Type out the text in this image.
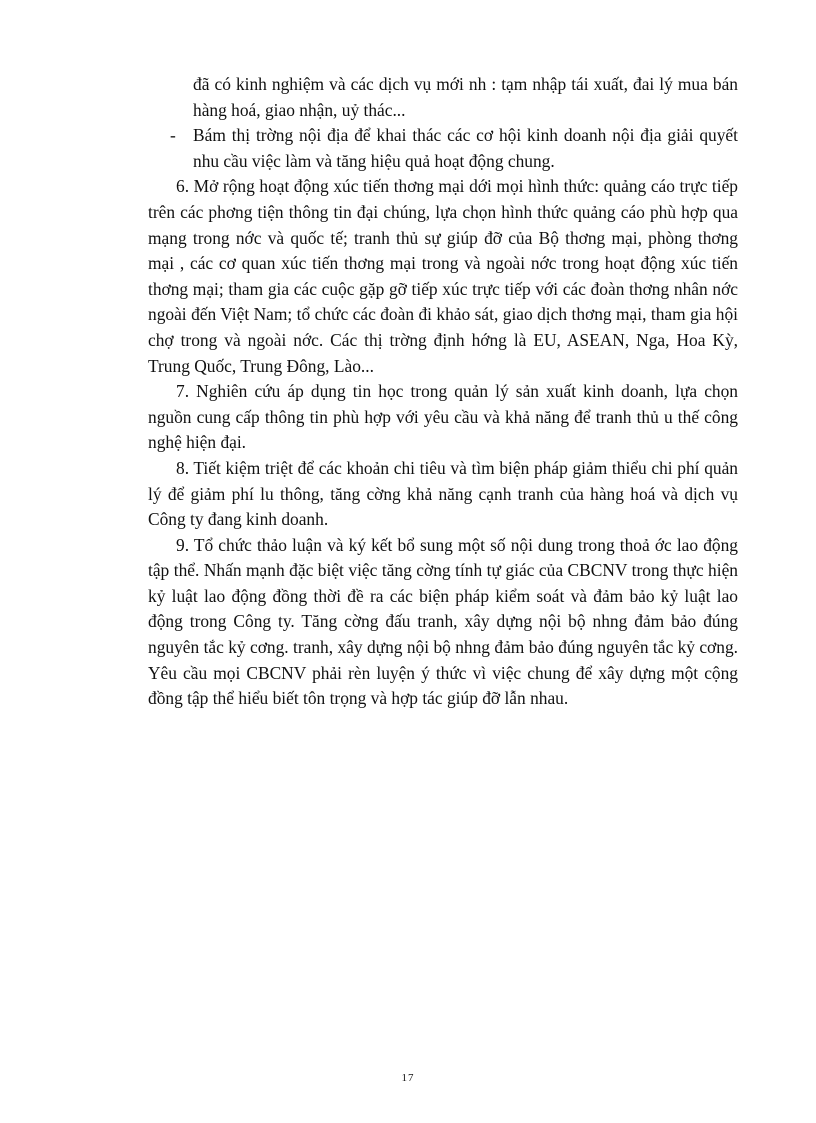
đã có kinh nghiệm và các dịch vụ mới nh : tạm nhập tái xuất, đai lý mua bán hàng hoá, giao nhận, uỷ thác...

- Bám thị trờng nội địa để khai thác các cơ hội kinh doanh nội địa giải quyết nhu cầu việc làm và tăng hiệu quả hoạt động chung.

6. Mở rộng hoạt động xúc tiến thơng mại dới mọi hình thức: quảng cáo trực tiếp trên các phơng tiện thông tin đại chúng, lựa chọn hình thức quảng cáo phù hợp qua mạng trong nớc và quốc tế; tranh thủ sự giúp đỡ của Bộ thơng mại, phòng thơng mại , các cơ quan xúc tiến thơng mại trong và ngoài nớc trong hoạt động xúc tiến thơng mại; tham gia các cuộc gặp gỡ tiếp xúc trực tiếp với các đoàn thơng nhân nớc ngoài đến Việt Nam; tổ chức các đoàn đi khảo sát, giao dịch thơng mại, tham gia hội chợ trong và ngoài nớc. Các thị trờng định hớng là EU, ASEAN, Nga, Hoa Kỳ, Trung Quốc, Trung Đông, Lào...

7. Nghiên cứu áp dụng tin học trong quản lý sản xuất kinh doanh, lựa chọn nguồn cung cấp thông tin phù hợp với yêu cầu và khả năng để tranh thủ u thế công nghệ hiện đại.

8. Tiết kiệm triệt để các khoản chi tiêu và tìm biện pháp giảm thiểu chi phí quản lý để giảm phí lu thông, tăng cờng khả năng cạnh tranh của hàng hoá và dịch vụ Công ty đang kinh doanh.

9. Tổ chức thảo luận và ký kết bổ sung một số nội dung trong thoả ớc lao động tập thể. Nhấn mạnh đặc biệt việc tăng cờng tính tự giác của CBCNV trong thực hiện kỷ luật lao động đồng thời đề ra các biện pháp kiểm soát và đảm bảo kỷ luật lao động trong Công ty. Tăng cờng đấu tranh, xây dựng nội bộ nhng đảm bảo đúng nguyên tắc kỷ cơng. tranh, xây dựng nội bộ nhng đảm bảo đúng nguyên tắc kỷ cơng. Yêu cầu mọi CBCNV phải rèn luyện ý thức vì việc chung để xây dựng một cộng đồng tập thể hiểu biết tôn trọng và hợp tác giúp đỡ lẫn nhau.

17
